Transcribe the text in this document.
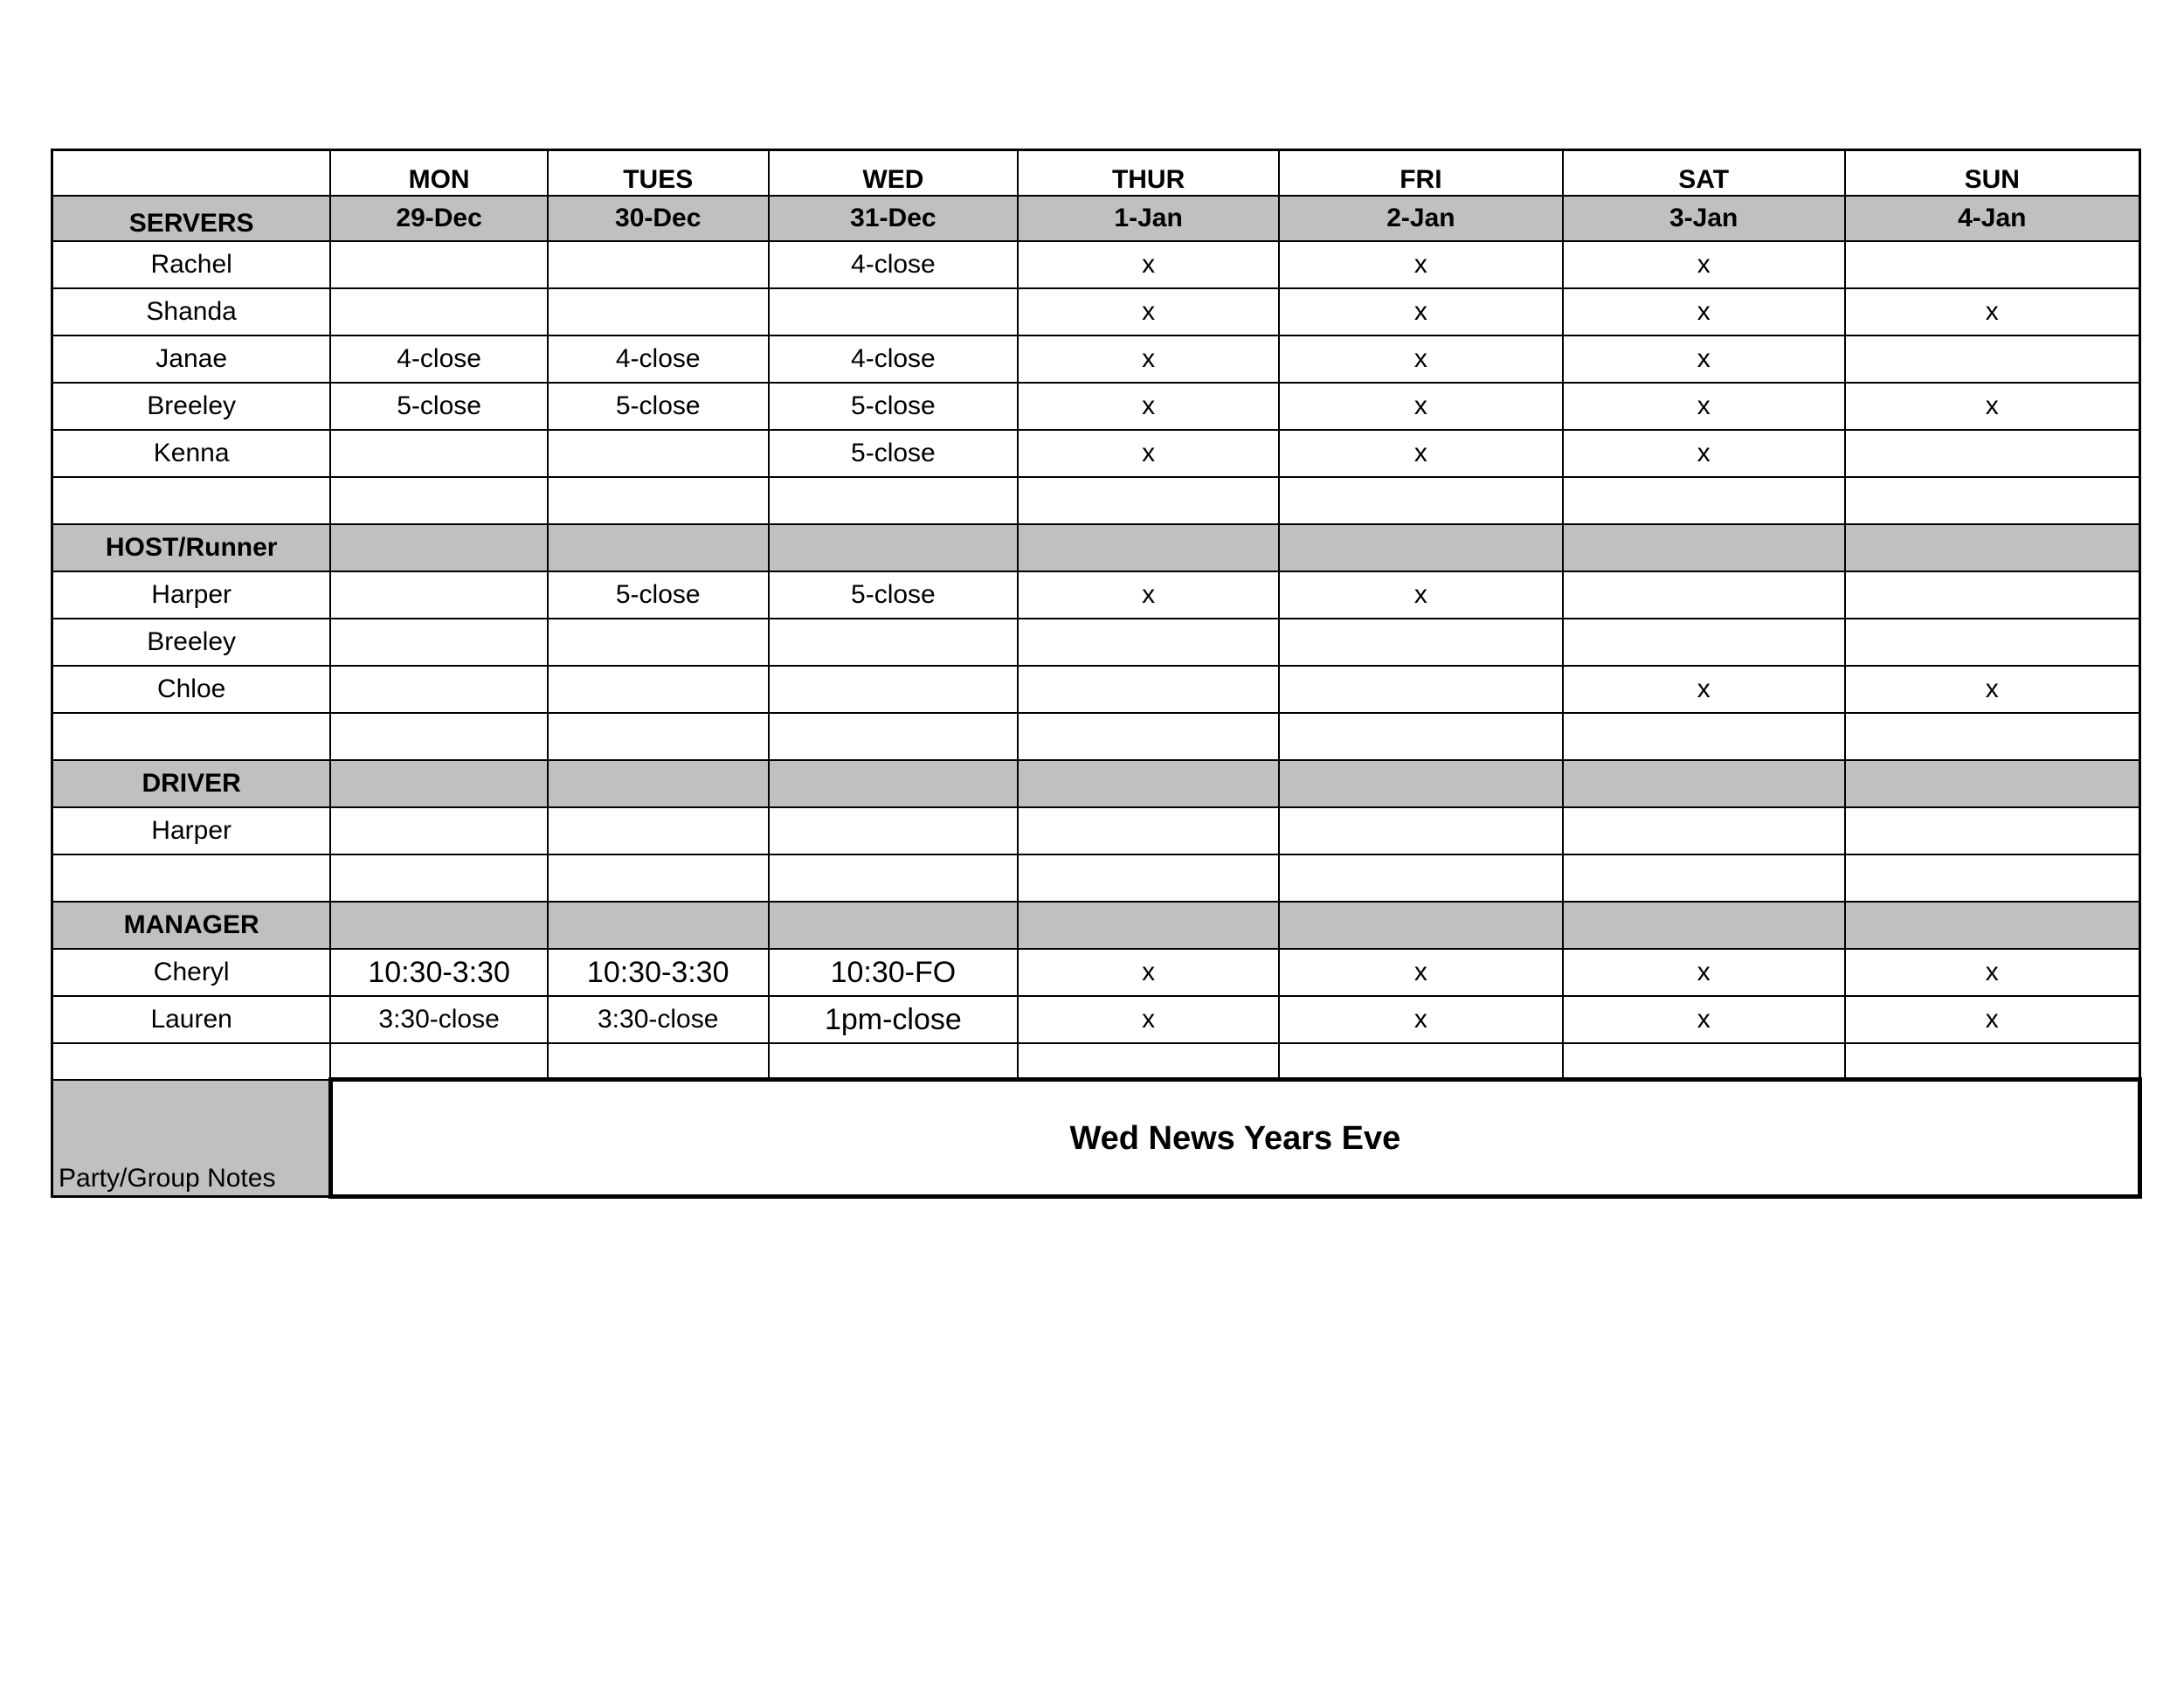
	MON	TUES	WED	THUR	FRI	SAT	SUN
SERVERS	29-Dec	30-Dec	31-Dec	1-Jan	2-Jan	3-Jan	4-Jan
Rachel			4-close	x	x	x	
Shanda				x	x	x	x
Janae	4-close	4-close	4-close	x	x	x	
Breeley	5-close	5-close	5-close	x	x	x	x
Kenna			5-close	x	x	x	

HOST/Runner							
Harper		5-close	5-close	x	x		
Breeley							
Chloe						x	x

DRIVER							
Harper							

MANAGER							
Cheryl	10:30-3:30	10:30-3:30	10:30-FO	x	x	x	x
Lauren	3:30-close	3:30-close	1pm-close	x	x	x	x

Party/Group Notes	Wed News Years Eve						
